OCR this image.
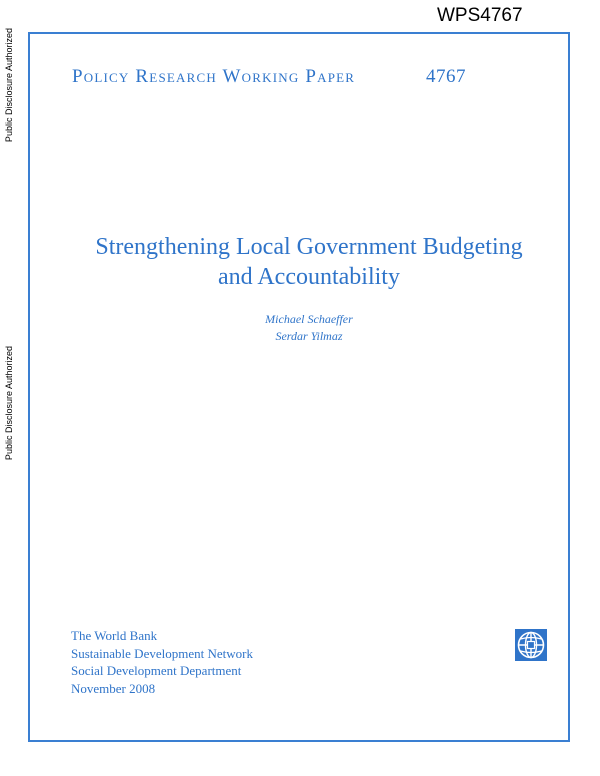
WPS4767
Public Disclosure Authorized
Public Disclosure Authorized
Policy Research Working Paper	4767
Strengthening Local Government Budgeting
and Accountability
Michael Schaeffer
Serdar Yilmaz
The World Bank
Sustainable Development Network
Social Development Department
November 2008
